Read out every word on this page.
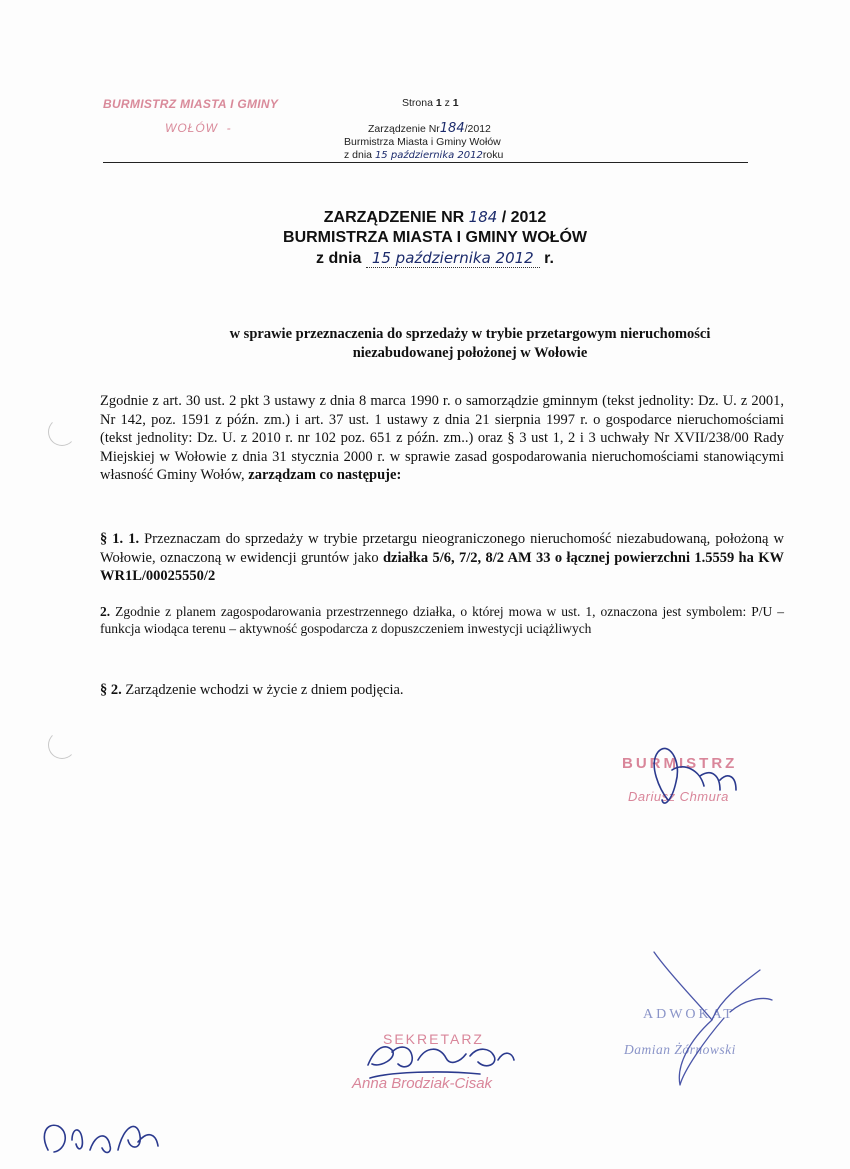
BURMISTRZ MIASTA I GMINY
WOŁÓW  -
Strona 1 z 1
Zarządzenie Nr184/2012
Burmistrza Miasta i Gminy Wołów
z dnia 15 października 2012roku
ZARZĄDZENIE NR 184 / 2012
BURMISTRZA MIASTA I GMINY WOŁÓW
z dnia 15 października 2012 r.
w sprawie przeznaczenia do sprzedaży w trybie przetargowym nieruchomości
niezabudowanej położonej w Wołowie
Zgodnie z art. 30 ust. 2 pkt 3 ustawy z dnia 8 marca 1990 r. o samorządzie gminnym (tekst jednolity: Dz. U. z 2001, Nr 142, poz. 1591 z późn. zm.) i art. 37 ust. 1 ustawy z dnia 21 sierpnia 1997 r. o gospodarce nieruchomościami (tekst jednolity: Dz. U. z 2010 r. nr 102 poz. 651 z późn. zm..) oraz § 3 ust 1, 2 i 3 uchwały Nr XVII/238/00 Rady Miejskiej w Wołowie z dnia 31 stycznia 2000 r. w sprawie zasad gospodarowania nieruchomościami stanowiącymi własność Gminy Wołów, zarządzam co następuje:
§ 1. 1. Przeznaczam do sprzedaży w trybie przetargu nieograniczonego nieruchomość niezabudowaną, położoną w Wołowie, oznaczoną w ewidencji gruntów jako działka 5/6, 7/2, 8/2 AM 33 o łącznej powierzchni 1.5559 ha KW WR1L/00025550/2
2. Zgodnie z planem zagospodarowania przestrzennego działka, o której mowa w ust. 1, oznaczona jest symbolem: P/U – funkcja wiodąca terenu – aktywność gospodarcza z dopuszczeniem inwestycji uciążliwych
§ 2. Zarządzenie wchodzi w życie z dniem podjęcia.
BURMISTRZ
Dariusz Chmura
SEKRETARZ
Anna Brodziak-Cisak
ADWOKAT
Damian Żórnowski
